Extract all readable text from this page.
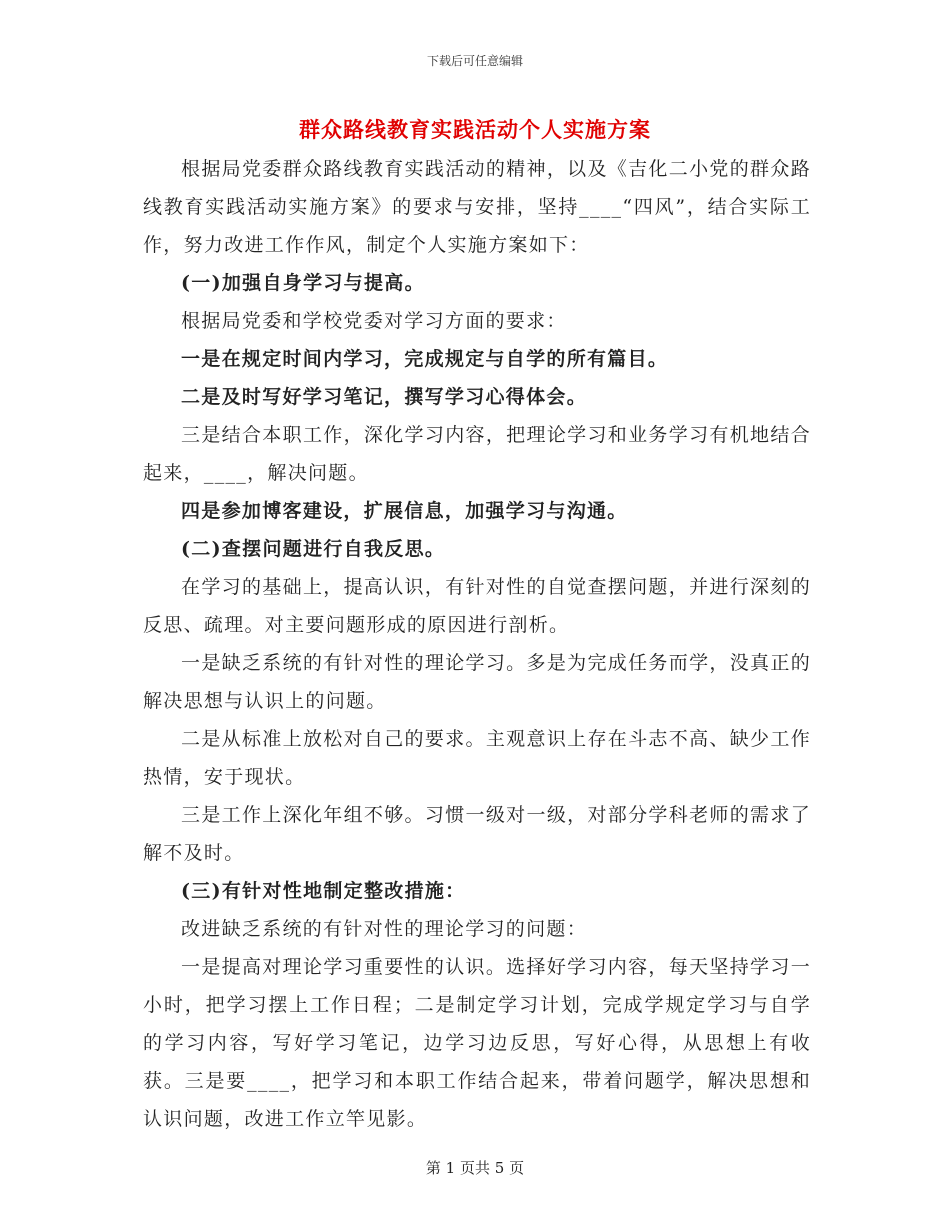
下载后可任意编辑
群众路线教育实践活动个人实施方案

根据局党委群众路线教育实践活动的精神，以及《吉化二小党的群众路线教育实践活动实施方案》的要求与安排，坚持____“四风”，结合实际工作，努力改进工作作风，制定个人实施方案如下：

(一)加强自身学习与提高。

根据局党委和学校党委对学习方面的要求：

一是在规定时间内学习，完成规定与自学的所有篇目。

二是及时写好学习笔记，撰写学习心得体会。

三是结合本职工作，深化学习内容，把理论学习和业务学习有机地结合起来，____，解决问题。

四是参加博客建设，扩展信息，加强学习与沟通。

(二)查摆问题进行自我反思。

在学习的基础上，提高认识，有针对性的自觉查摆问题，并进行深刻的反思、疏理。对主要问题形成的原因进行剖析。

一是缺乏系统的有针对性的理论学习。多是为完成任务而学，没真正的解决思想与认识上的问题。

二是从标准上放松对自己的要求。主观意识上存在斗志不高、缺少工作热情，安于现状。

三是工作上深化年组不够。习惯一级对一级，对部分学科老师的需求了解不及时。

(三)有针对性地制定整改措施：

改进缺乏系统的有针对性的理论学习的问题：

一是提高对理论学习重要性的认识。选择好学习内容，每天坚持学习一小时，把学习摆上工作日程；二是制定学习计划，完成学规定学习与自学的学习内容，写好学习笔记，边学习边反思，写好心得，从思想上有收获。三是要____，把学习和本职工作结合起来，带着问题学，解决思想和认识问题，改进工作立竿见影。

第 1 页共 5 页
